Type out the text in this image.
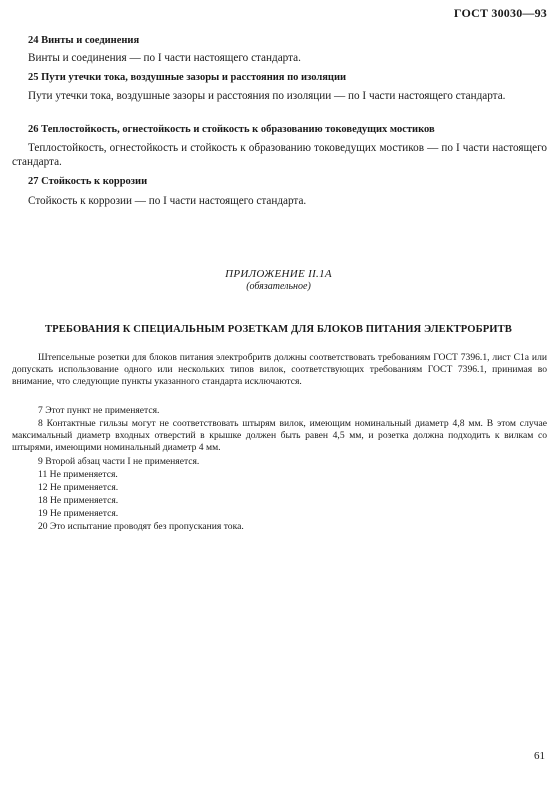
ГОСТ 30030—93
24 Винты и соединения
Винты и соединения — по I части настоящего стандарта.
25 Пути утечки тока, воздушные зазоры и расстояния по изоляции
Пути утечки тока, воздушные зазоры и расстояния по изоляции — по I части настоящего стандарта.
26 Теплостойкость, огнестойкость и стойкость к образованию токоведущих мостиков
Теплостойкость, огнестойкость и стойкость к образованию токоведущих мостиков — по I части настоящего стандарта.
27 Стойкость к коррозии
Стойкость к коррозии — по I части настоящего стандарта.
ПРИЛОЖЕНИЕ II.1А
(обязательное)
ТРЕБОВАНИЯ К СПЕЦИАЛЬНЫМ РОЗЕТКАМ ДЛЯ БЛОКОВ ПИТАНИЯ ЭЛЕКТРОБРИТВ
Штепсельные розетки для блоков питания электробритв должны соответствовать требованиям ГОСТ 7396.1, лист С1а или допускать использование одного или нескольких типов вилок, соответствующих требованиям ГОСТ 7396.1, принимая во внимание, что следующие пункты указанного стандарта исключаются.
7 Этот пункт не применяется.
8 Контактные гильзы могут не соответствовать штырям вилок, имеющим номинальный диаметр 4,8 мм. В этом случае максимальный диаметр входных отверстий в крышке должен быть равен 4,5 мм, и розетка должна подходить к вилкам со штырями, имеющими номинальный диаметр 4 мм.
9 Второй абзац части I не применяется.
11 Не применяется.
12 Не применяется.
18 Не применяется.
19 Не применяется.
20 Это испытание проводят без пропускания тока.
61
